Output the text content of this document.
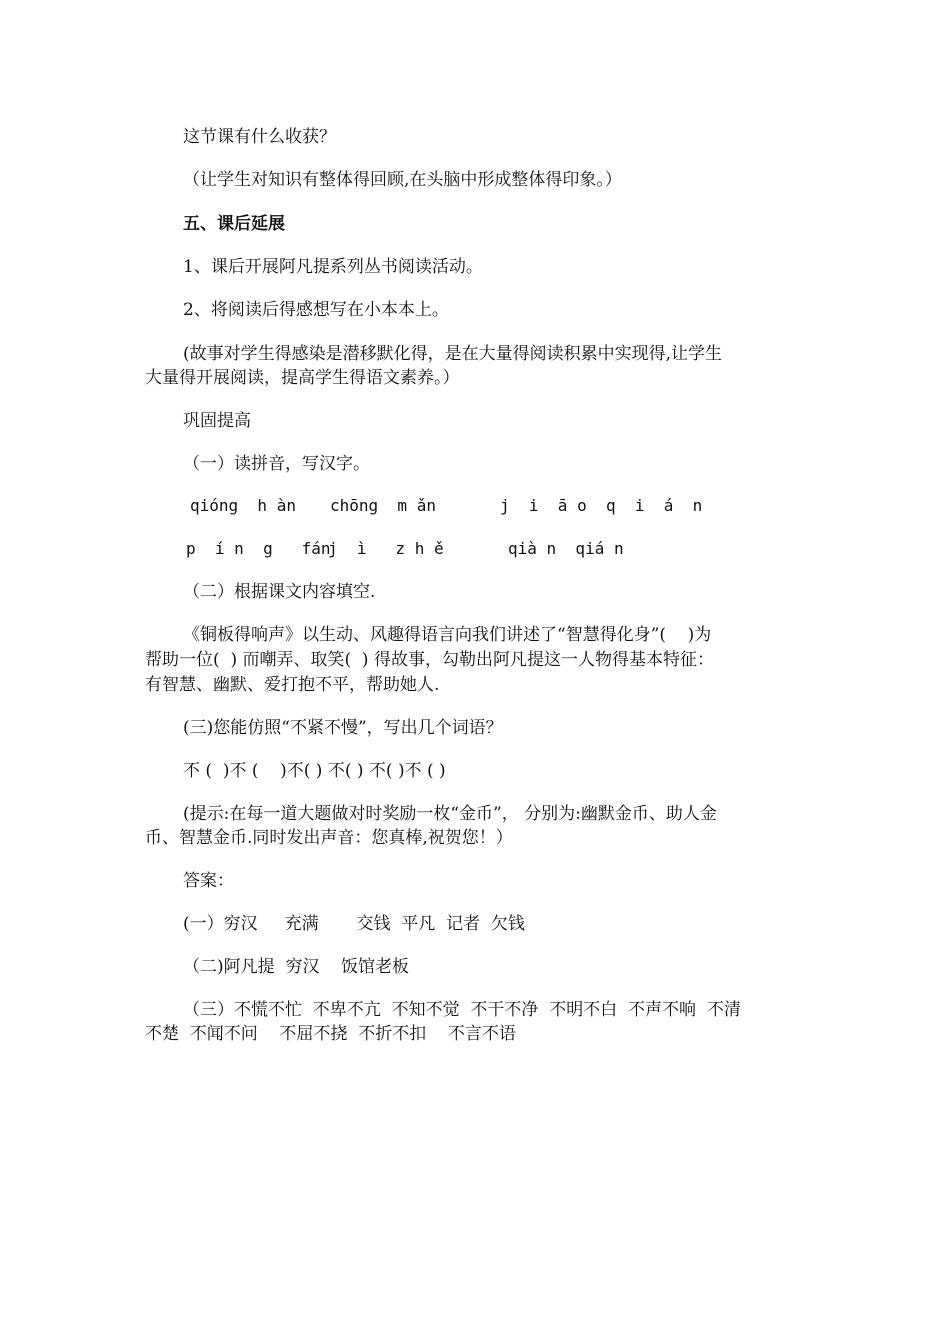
这节课有什么收获？
（让学生对知识有整体得回顾,在头脑中形成整体得印象。）
五、课后延展
1、课后开展阿凡提系列丛书阅读活动。
2、将阅读后得感想写在小本本上。
(故事对学生得感染是潜移默化得，是在大量得阅读积累中实现得,让学生
大量得开展阅读，提高学生得语文素养。）
巩固提高
（一）读拼音，写汉字。
qióng  h àn chōng  m ǎn	j  i  ā o  q  i  á  n
p  í n  g   fán
j  ì   z h ě	qià n  qiá n
（二）根据课文内容填空.
《铜板得响声》以生动、风趣得语言向我们讲述了“智慧得化身”(    )为
帮助一位(  ) 而嘲弄、取笑(  ) 得故事，勾勒出阿凡提这一人物得基本特征：
有智慧、幽默、爱打抱不平，帮助她人.
(三)您能仿照“不紧不慢”，写出几个词语？
不 (  )不 (    )不( ) 不( ) 不( )不 ( )
(提示:在每一道大题做对时奖励一枚“金币”， 分别为:幽默金币、助人金
币、智慧金币.同时发出声音：您真棒,祝贺您！）
答案：
(一）穷汉     充满       交钱  平凡  记者  欠钱
（二)阿凡提  穷汉    饭馆老板
（三）不慌不忙  不卑不亢  不知不觉  不干不净  不明不白  不声不响  不清
不楚  不闻不问    不屈不挠  不折不扣    不言不语
